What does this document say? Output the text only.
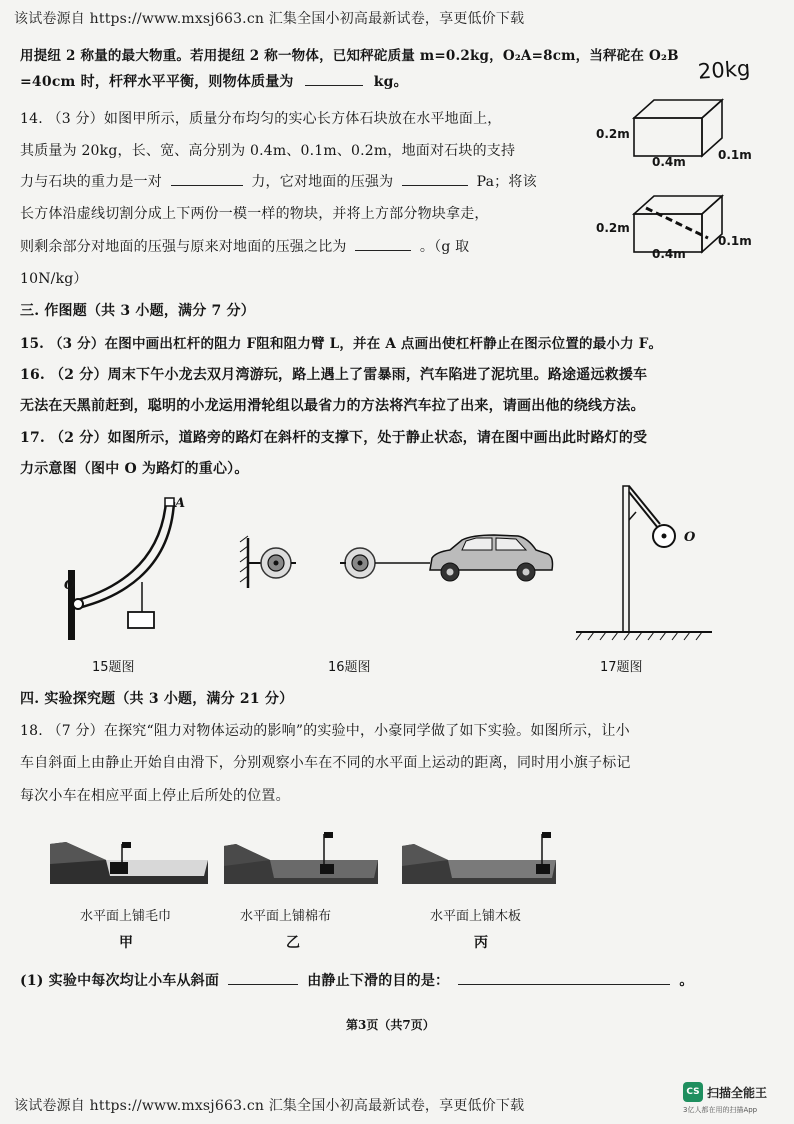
该试卷源自 https://www.mxsj663.cn 汇集全国小初高最新试卷，享更低价下载
用提纽 2 称量的最大物重。若用提纽 2 称一物体，已知秤砣质量 m=0.2kg，O₂A=8cm，当秤砣在 O₂B
=40cm 时，杆秤水平平衡，则物体质量为	kg。	20kg
14. （3 分）如图甲所示，质量分布均匀的实心长方体石块放在水平地面上，
其质量为 20kg，长、宽、高分别为 0.4m、0.1m、0.2m，地面对石块的支持
力与石块的重力是一对	力，它对地面的压强为	Pa；将该
长方体沿虚线切割分成上下两份一模一样的物块，并将上方部分物块拿走，
则剩余部分对地面的压强与原来对地面的压强之比为	。（g 取
10N/kg）
0.2m
0.4m	0.1m
0.2m
0.4m
0.1m
三. 作图题（共 3 小题，满分 7 分）
15. （3 分）在图中画出杠杆的阻力 F阻和阻力臂 L，并在 A 点画出使杠杆静止在图示位置的最小力 F。
16. （2 分）周末下午小龙去双月湾游玩，路上遇上了雷暴雨，汽车陷进了泥坑里。路途遥远救援车
无法在天黑前赶到，聪明的小龙运用滑轮组以最省力的方法将汽车拉了出来，请画出他的绕线方法。
17. （2 分）如图所示，道路旁的路灯在斜杆的支撑下，处于静止状态，请在图中画出此时路灯的受
力示意图（图中 O 为路灯的重心）。
A
O
15题图	16题图
O
17题图
四. 实验探究题（共 3 小题，满分 21 分）
18. （7 分）在探究“阻力对物体运动的影响”的实验中，小豪同学做了如下实验。如图所示，让小
车自斜面上由静止开始自由滑下，分别观察小车在不同的水平面上运动的距离，同时用小旗子标记
每次小车在相应平面上停止后所处的位置。
水平面上铺毛巾
甲
水平面上铺棉布
乙
水平面上铺木板
丙
(1) 实验中每次均让小车从斜面	由静止下滑的目的是：	。
第3页（共7页）
该试卷源自 https://www.mxsj663.cn 汇集全国小初高最新试卷，享更低价下载
CS 扫描全能王
3亿人都在用的扫描App
